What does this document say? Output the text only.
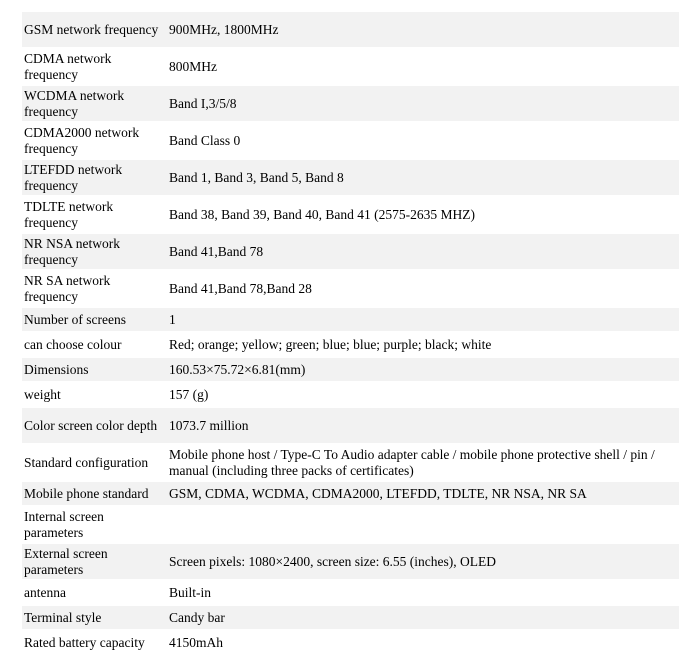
GSM network frequency	900MHz, 1800MHz
CDMA network frequency	800MHz
WCDMA network frequency	Band I,3/5/8
CDMA2000 network frequency	Band Class 0
LTEFDD network frequency	Band 1, Band 3, Band 5, Band 8
TDLTE network frequency	Band 38, Band 39, Band 40, Band 41 (2575-2635 MHZ)
NR NSA network frequency	Band 41,Band 78
NR SA network frequency	Band 41,Band 78,Band 28
Number of screens	1
can choose colour	Red; orange; yellow; green; blue; blue; purple; black; white
Dimensions	160.53×75.72×6.81(mm)
weight	157 (g)
Color screen color depth	1073.7 million
Standard configuration	Mobile phone host / Type-C To Audio adapter cable / mobile phone protective shell / pin / manual (including three packs of certificates)
Mobile phone standard	GSM, CDMA, WCDMA, CDMA2000, LTEFDD, TDLTE, NR NSA, NR SA
Internal screen parameters	
External screen parameters	Screen pixels: 1080×2400, screen size: 6.55 (inches), OLED
antenna	Built-in
Terminal style	Candy bar
Rated battery capacity	4150mAh
